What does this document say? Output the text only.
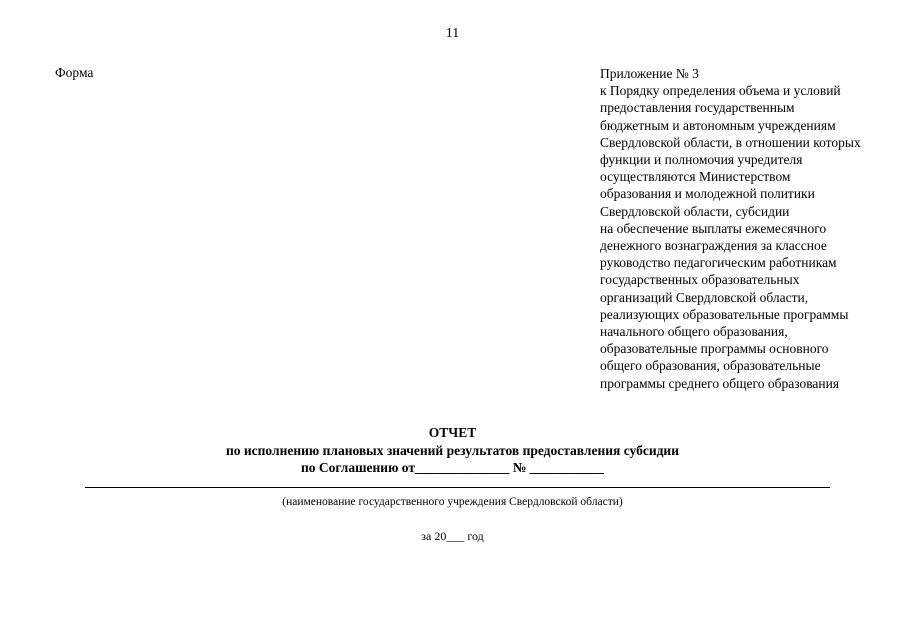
11
Форма	Приложение № 3
к Порядку определения объема и условий
предоставления государственным
бюджетным и автономным учреждениям
Свердловской области, в отношении которых
функции и полномочия учредителя
осуществляются Министерством
образования и молодежной политики
Свердловской области, субсидии
на обеспечение выплаты ежемесячного
денежного вознаграждения за классное
руководство педагогическим работникам
государственных образовательных
организаций Свердловской области,
реализующих образовательные программы
начального общего образования,
образовательные программы основного
общего образования, образовательные
программы среднего общего образования
ОТЧЕТ
по исполнению плановых значений результатов предоставления субсидии
по Соглашению от______________ № ___________
(наименование государственного учреждения Свердловской области)
за 20___ год
